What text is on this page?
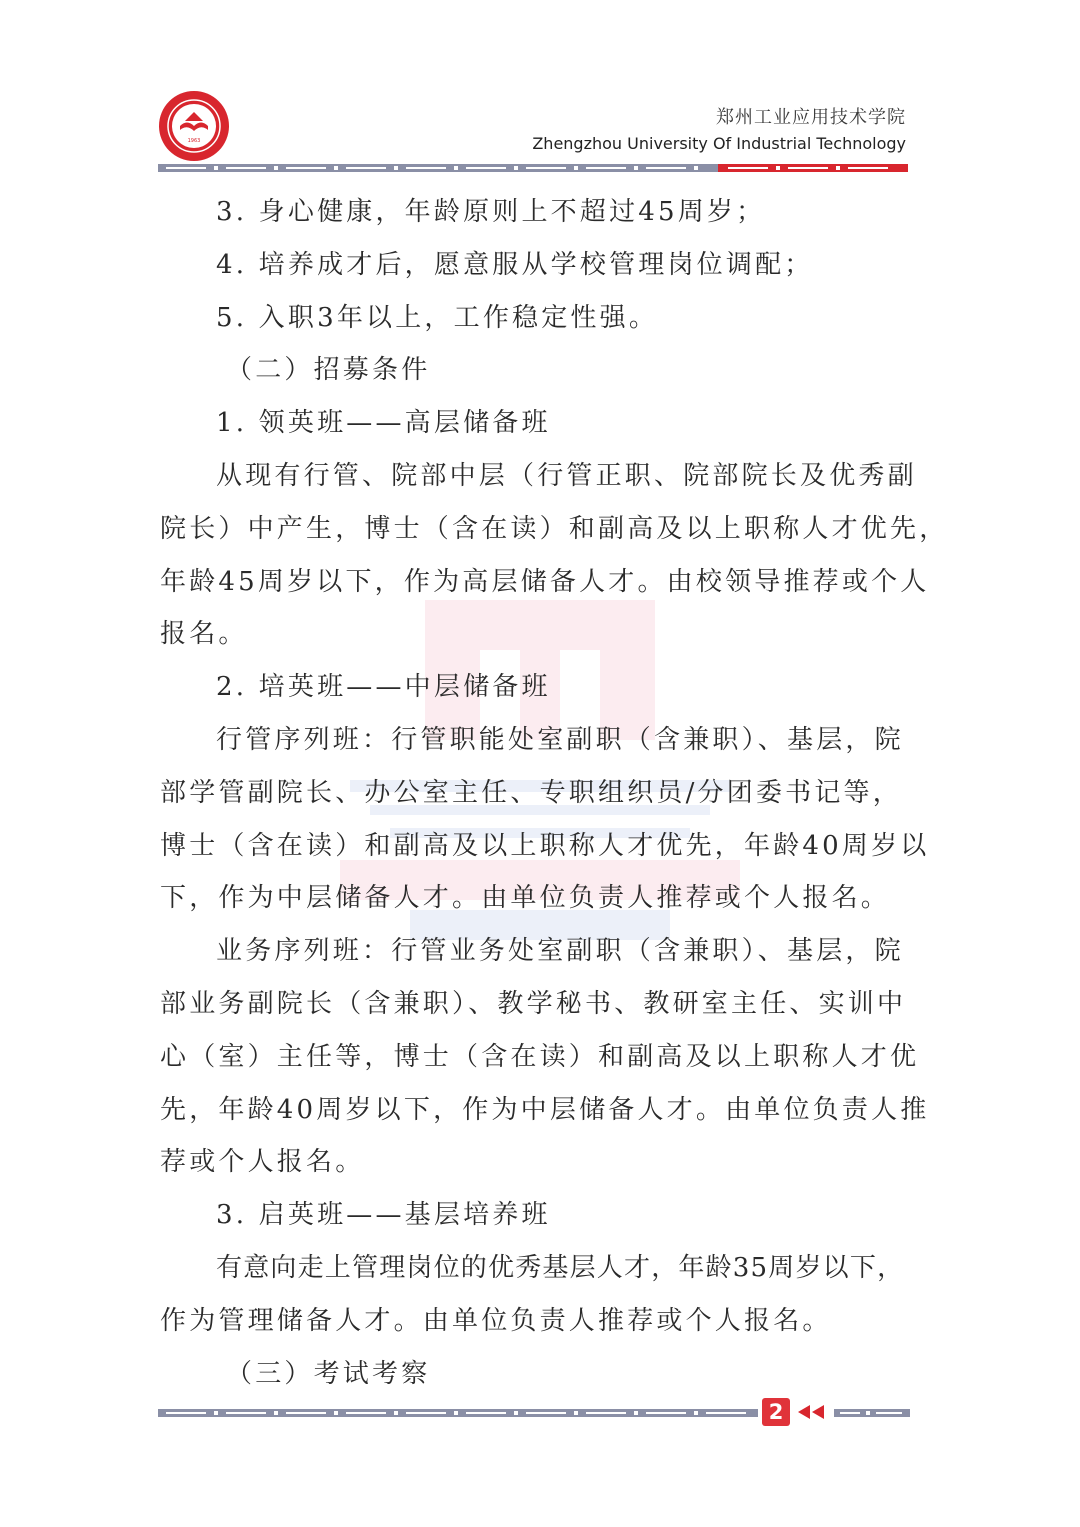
1963
郑州工业应用技术学院
Zhengzhou University Of Industrial Technology

3. 身心健康，年龄原则上不超过45周岁；

4. 培养成才后，愿意服从学校管理岗位调配；

5. 入职3年以上，工作稳定性强。

（二）招募条件

1. 领英班——高层储备班

从现有行管、院部中层（行管正职、院部院长及优秀副

院长）中产生，博士（含在读）和副高及以上职称人才优先，

年龄45周岁以下，作为高层储备人才。由校领导推荐或个人

报名。

2. 培英班——中层储备班

行管序列班：行管职能处室副职（含兼职）、基层，院

部学管副院长、办公室主任、专职组织员/分团委书记等，

博士（含在读）和副高及以上职称人才优先，年龄40周岁以

下，作为中层储备人才。由单位负责人推荐或个人报名。

业务序列班：行管业务处室副职（含兼职）、基层，院

部业务副院长（含兼职）、教学秘书、教研室主任、实训中

心（室）主任等，博士（含在读）和副高及以上职称人才优

先，年龄40周岁以下，作为中层储备人才。由单位负责人推

荐或个人报名。

3. 启英班——基层培养班

有意向走上管理岗位的优秀基层人才，年龄35周岁以下，

作为管理储备人才。由单位负责人推荐或个人报名。

（三）考试考察

2
